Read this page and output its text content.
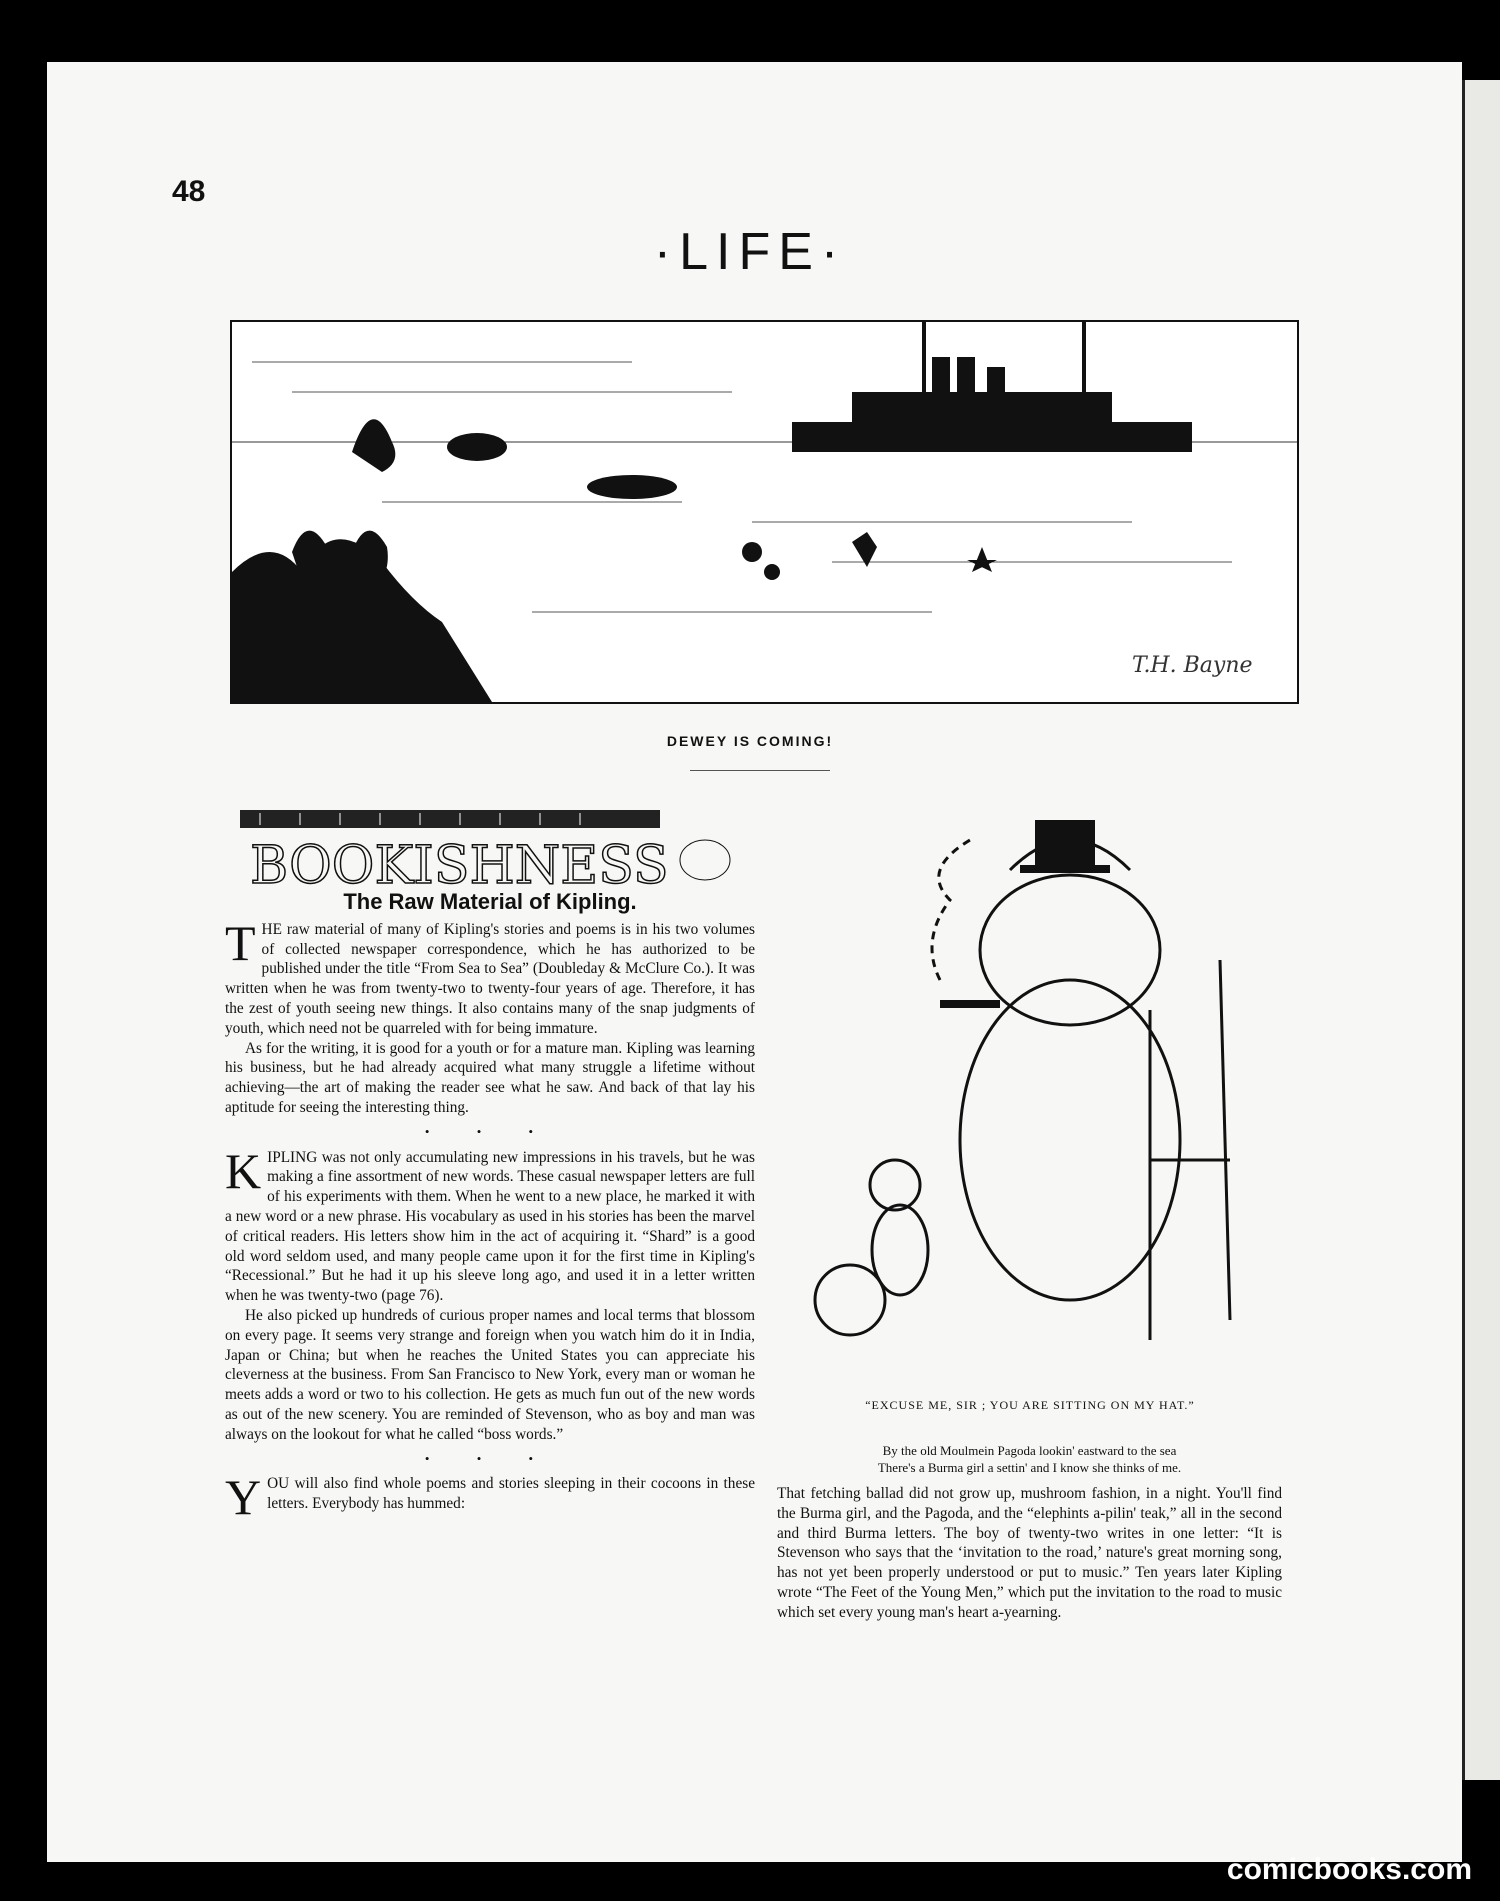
48
·LIFE·
T.H. Bayne
DEWEY IS COMING!
BOOKISHNESS
The Raw Material of Kipling.

THE raw material of many of Kipling's stories and poems is in his two volumes of collected newspaper correspondence, which he has authorized to be published under the title “From Sea to Sea” (Doubleday & McClure Co.). It was written when he was from twenty-two to twenty-four years of age. Therefore, it has the zest of youth seeing new things. It also contains many of the snap judgments of youth, which need not be quarreled with for being immature.

As for the writing, it is good for a youth or for a mature man. Kipling was learning his business, but he had already acquired what many struggle a lifetime without achieving—the art of making the reader see what he saw. And back of that lay his aptitude for seeing the interesting thing.

• • •

KIPLING was not only accumulating new impressions in his travels, but he was making a fine assortment of new words. These casual newspaper letters are full of his experiments with them. When he went to a new place, he marked it with a new word or a new phrase. His vocabulary as used in his stories has been the marvel of critical readers. His letters show him in the act of acquiring it. “Shard” is a good old word seldom used, and many people came upon it for the first time in Kipling's “Recessional.” But he had it up his sleeve long ago, and used it in a letter written when he was twenty-two (page 76).

He also picked up hundreds of curious proper names and local terms that blossom on every page. It seems very strange and foreign when you watch him do it in India, Japan or China; but when he reaches the United States you can appreciate his cleverness at the business. From San Francisco to New York, every man or woman he meets adds a word or two to his collection. He gets as much fun out of the new words as out of the new scenery. You are reminded of Stevenson, who as boy and man was always on the lookout for what he called “boss words.”

• • •

YOU will also find whole poems and stories sleeping in their cocoons in these letters. Everybody has hummed:

“EXCUSE ME, SIR ; YOU ARE SITTING ON MY HAT.”
By the old Moulmein Pagoda lookin' eastward to the sea
There's a Burma girl a settin' and I know she thinks of me.

That fetching ballad did not grow up, mushroom fashion, in a night. You'll find the Burma girl, and the Pagoda, and the “elephints a-pilin' teak,” all in the second and third Burma letters. The boy of twenty-two writes in one letter: “It is Stevenson who says that the ‘invitation to the road,’ nature's great morning song, has not yet been properly understood or put to music.” Ten years later Kipling wrote “The Feet of the Young Men,” which put the invitation to the road to music which set every young man's heart a-yearning.

comicbooks.com
